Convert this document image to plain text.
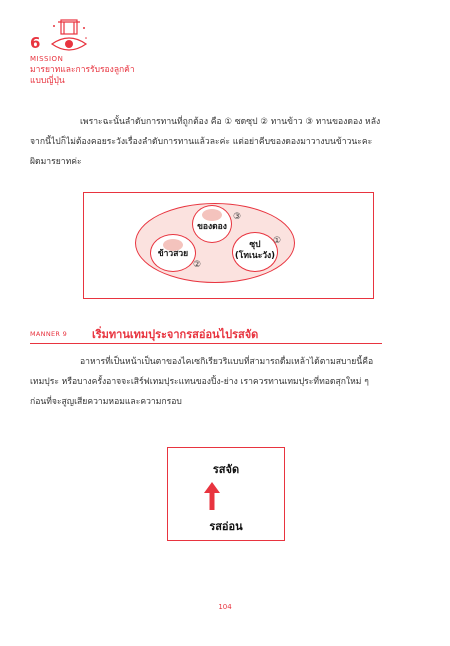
6
MISSION
มารยาทและการรับรองลูกค้าแบบญี่ปุ่น
เพราะฉะนั้นลำดับการทานที่ถูกต้อง คือ ① ซดซุป ② ทานข้าว ③ ทานของดอง หลังจากนี้ไปก็ไม่ต้องคอยระวังเรื่องลำดับการทานแล้วละค่ะ แต่อย่าคีบของดองมาวางบนข้าวนะคะ ผิดมารยาทค่ะ
ของดอง
③
ข้าวสวย
②
ซุป
(โทเนะวัง)
①
MANNER 9 เริ่มทานเทมปุระจากรสอ่อนไปรสจัด
อาหารที่เป็นหน้าเป็นตาของไคเซกิเรียวริแบบที่สามารถดื่มเหล้าได้ตามสบายนี้คือ เทมปุระ หรือบางครั้งอาจจะเสิร์ฟเทมปุระแทนของปิ้ง-ย่าง เราควรทานเทมปุระที่ทอดสุกใหม่ ๆ ก่อนที่จะสูญเสียความหอมและความกรอบ
รสจัด
รสอ่อน
104
